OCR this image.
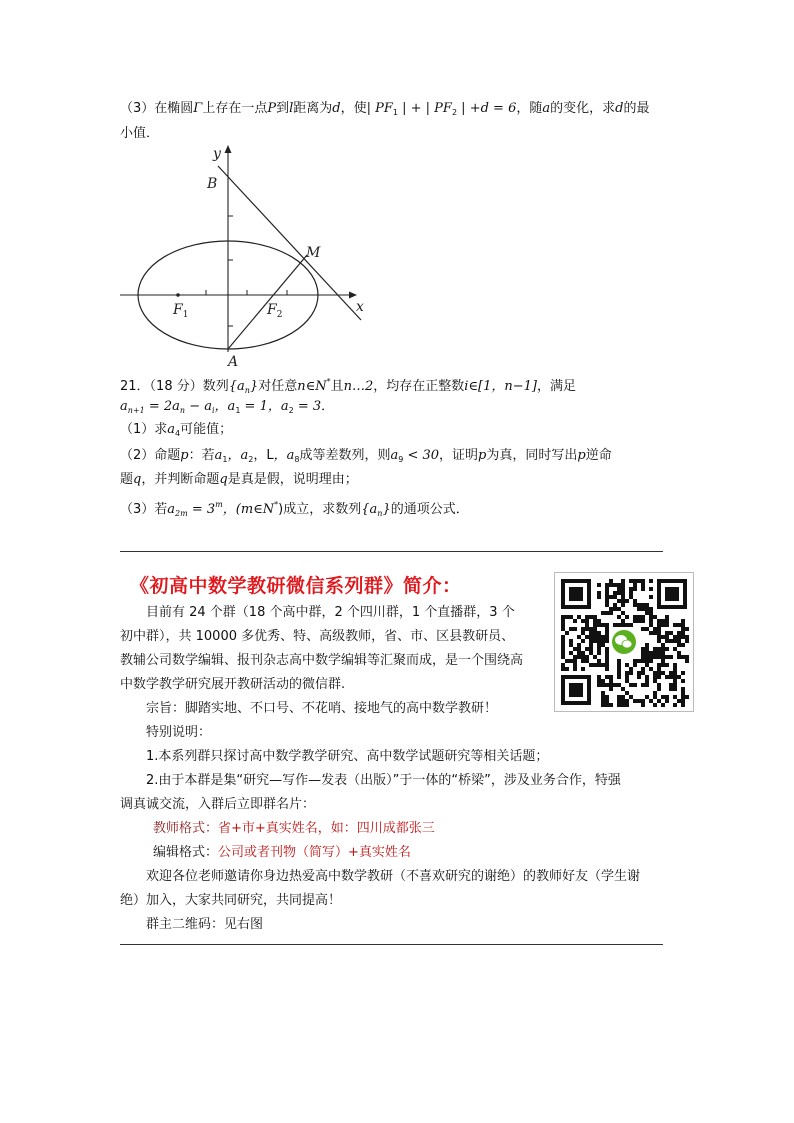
（3）在椭圆Γ上存在一点P到l距离为d，使| $PF_1$ | + | $PF_2$ | +d = 6，随a的变化，求d的最
小值．
y
x
B
M
A
$F_1$	$F_2$
21．（18 分）数列$\{a_n\}$对任意n∈N*且n…2，均存在正整数i∈[1，n−1]，满足
$a_{n+1} = 2a_n - a_i$，$a_1 = 1$，$a_2 = 3$．
（1）求$a_4$可能值；
（2）命题p：若$a_1$，$a_2$，L，$a_8$成等差数列，则$a_9 < 30$，证明p为真，同时写出p逆命
题q，并判断命题q是真是假，说明理由；
（3）若$a_{2m} = 3^m$，(m∈N*)成立，求数列$\{a_n\}$的通项公式．
《初高中数学教研微信系列群》简介：
目前有 24 个群（18 个高中群，2 个四川群，1 个直播群，3 个
初中群），共 10000 多优秀、特、高级教师，省、市、区县教研员、
教辅公司数学编辑、报刊杂志高中数学编辑等汇聚而成，是一个围绕高
中数学教学研究展开教研活动的微信群.
宗旨：脚踏实地、不口号、不花哨、接地气的高中数学教研！
特别说明：
1.本系列群只探讨高中数学教学研究、高中数学试题研究等相关话题；
2.由于本群是集“研究—写作—发表（出版）”于一体的“桥梁”，涉及业务合作，特强
调真诚交流，入群后立即群名片：
教师格式：省+市+真实姓名，如：四川成都张三
编辑格式：公司或者刊物（简写）+真实姓名
欢迎各位老师邀请你身边热爱高中数学教研（不喜欢研究的谢绝）的教师好友（学生谢
绝）加入，大家共同研究，共同提高！
群主二维码：见右图
